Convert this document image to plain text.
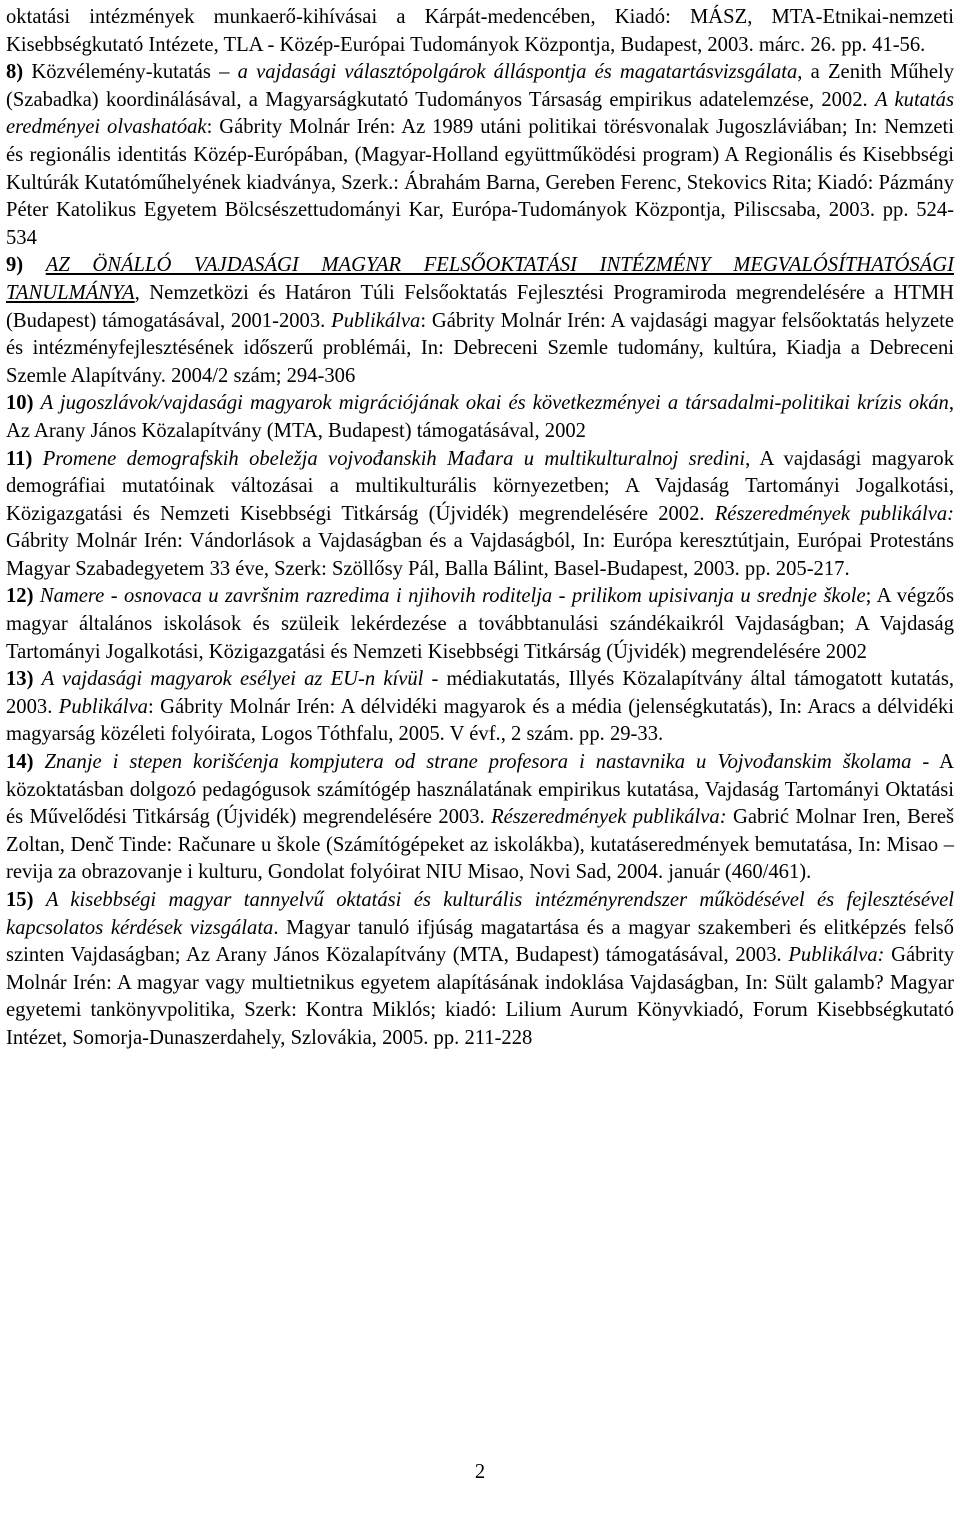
oktatási intézmények munkaerő-kihívásai a Kárpát-medencében, Kiadó: MÁSZ, MTA-Etnikai-nemzeti Kisebbségkutató Intézete, TLA - Közép-Európai Tudományok Központja, Budapest, 2003. márc. 26. pp. 41-56.

8) Közvélemény-kutatás – a vajdasági választópolgárok álláspontja és magatartásvizsgálata, a Zenith Műhely (Szabadka) koordinálásával, a Magyarságkutató Tudományos Társaság empirikus adatelemzése, 2002. A kutatás eredményei olvashatóak: Gábrity Molnár Irén: Az 1989 utáni politikai törésvonalak Jugoszláviában; In: Nemzeti és regionális identitás Közép-Európában, (Magyar-Holland együttműködési program) A Regionális és Kisebbségi Kultúrák Kutatóműhelyének kiadványa, Szerk.: Ábrahám Barna, Gereben Ferenc, Stekovics Rita; Kiadó: Pázmány Péter Katolikus Egyetem Bölcsészettudományi Kar, Európa-Tudományok Központja, Piliscsaba, 2003. pp. 524-534

9) AZ ÖNÁLLÓ VAJDASÁGI MAGYAR FELSŐOKTATÁSI INTÉZMÉNY MEGVALÓSÍTHATÓSÁGI TANULMÁNYA, Nemzetközi és Határon Túli Felsőoktatás Fejlesztési Programiroda megrendelésére a HTMH (Budapest) támogatásával, 2001-2003. Publikálva: Gábrity Molnár Irén: A vajdasági magyar felsőoktatás helyzete és intézményfejlesztésének időszerű problémái, In: Debreceni Szemle tudomány, kultúra, Kiadja a Debreceni Szemle Alapítvány. 2004/2 szám; 294-306

10) A jugoszlávok/vajdasági magyarok migrációjának okai és következményei a társadalmi-politikai krízis okán, Az Arany János Közalapítvány (MTA, Budapest) támogatásával, 2002

11) Promene demografskih obeležja vojvođanskih Mađara u multikulturalnoj sredini, A vajdasági magyarok demográfiai mutatóinak változásai a multikulturális környezetben; A Vajdaság Tartományi Jogalkotási, Közigazgatási és Nemzeti Kisebbségi Titkárság (Újvidék) megrendelésére 2002. Részeredmények publikálva: Gábrity Molnár Irén: Vándorlások a Vajdaságban és a Vajdaságból, In: Európa keresztútjain, Európai Protestáns Magyar Szabadegyetem 33 éve, Szerk: Szöllősy Pál, Balla Bálint, Basel-Budapest, 2003. pp. 205-217.

12) Namere - osnovaca u završnim razredima i njihovih roditelja - prilikom upisivanja u srednje škole; A végzős magyar általános iskolások és szüleik lekérdezése a továbbtanulási szándékaikról Vajdaságban; A Vajdaság Tartományi Jogalkotási, Közigazgatási és Nemzeti Kisebbségi Titkárság (Újvidék) megrendelésére 2002

13) A vajdasági magyarok esélyei az EU-n kívül - médiakutatás, Illyés Közalapítvány által támogatott kutatás, 2003. Publikálva: Gábrity Molnár Irén: A délvidéki magyarok és a média (jelenségkutatás), In: Aracs a délvidéki magyarság közéleti folyóirata, Logos Tóthfalu, 2005. V évf., 2 szám. pp. 29-33.

14) Znanje i stepen korišćenja kompjutera od strane profesora i nastavnika u Vojvođanskim školama - A közoktatásban dolgozó pedagógusok számítógép használatának empirikus kutatása, Vajdaság Tartományi Oktatási és Művelődési Titkárság (Újvidék) megrendelésére 2003. Részeredmények publikálva: Gabrić Molnar Iren, Bereš Zoltan, Denč Tinde: Računare u škole (Számítógépeket az iskolákba), kutatáseredmények bemutatása, In: Misao – revija za obrazovanje i kulturu, Gondolat folyóirat NIU Misao, Novi Sad, 2004. január (460/461).

15) A kisebbségi magyar tannyelvű oktatási és kulturális intézményrendszer működésével és fejlesztésével kapcsolatos kérdések vizsgálata. Magyar tanuló ifjúság magatartása és a magyar szakemberi és elitképzés felső szinten Vajdaságban; Az Arany János Közalapítvány (MTA, Budapest) támogatásával, 2003. Publikálva: Gábrity Molnár Irén: A magyar vagy multietnikus egyetem alapításának indoklása Vajdaságban, In: Sült galamb? Magyar egyetemi tankönyvpolitika, Szerk: Kontra Miklós; kiadó: Lilium Aurum Könyvkiadó, Forum Kisebbségkutató Intézet, Somorja-Dunaszerdahely, Szlovákia, 2005. pp. 211-228

2
